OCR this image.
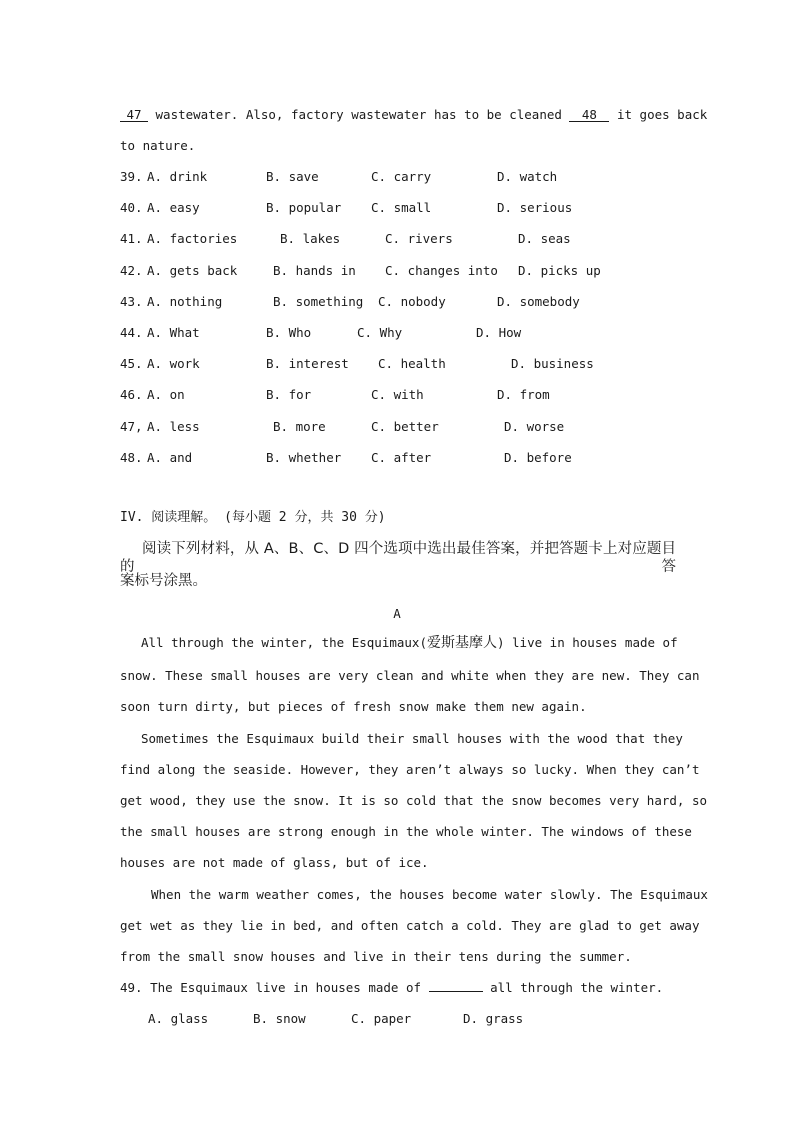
47 wastewater. Also, factory wastewater has to be cleaned 48 it goes back
to nature.
39. A. drink	B. save	C. carry	D. watch
40. A. easy	B. popular C. small	D. serious
41. A. factories	B. lakes	C. rivers	D. seas
42. A. gets back	B. hands in C. changes into D. picks up
43. A. nothing	B. something C. nobody	D. somebody
44. A. What	B. Who	C. Why	D. How
45. A. work	B. interest C. health	D. business
46. A. on	B. for	C. with	D. from
47, A. less	B. more	C. better	D. worse
48. A. and	B. whether C. after	D. before
IV. 阅读理解。 (每小题 2 分，共 30 分)
阅读下列材料，从 A、B、C、D 四个选项中选出最佳答案，并把答题卡上对应题目的答
案标号涂黑。
A
All through the winter, the Esquimaux(爱斯基摩人) live in houses made of
snow. These small houses are very clean and white when they are new. They can
soon turn dirty, but pieces of fresh snow make them new again.
Sometimes the Esquimaux build their small houses with the wood that they
find along the seaside. However, they aren’t always so lucky. When they can’t
get wood, they use the snow. It is so cold that the snow becomes very hard, so
the small houses are strong enough in the whole winter. The windows of these
houses are not made of glass, but of ice.
When the warm weather comes, the houses become water slowly. The Esquimaux
get wet as they lie in bed, and often catch a cold. They are glad to get away
from the small snow houses and live in their tens during the summer.
49. The Esquimaux live in houses made of	all through the winter.
A. glass	B. snow	C. paper	D. grass
